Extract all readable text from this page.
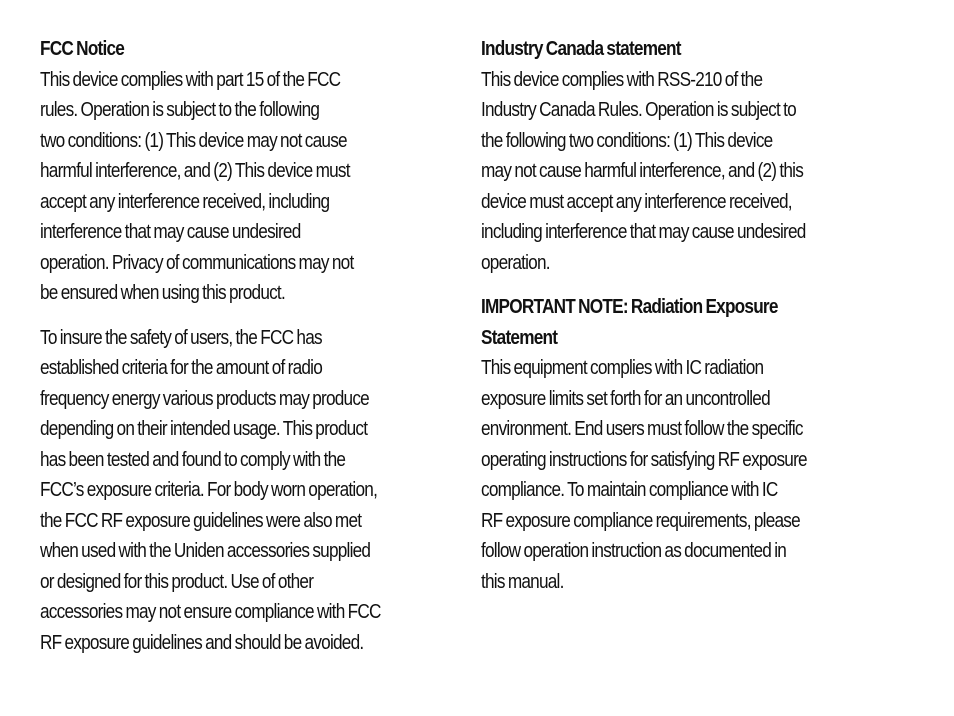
FCC Notice

This device complies with part 15 of the FCC
rules. Operation is subject to the following
two conditions: (1) This device may not cause
harmful interference, and (2) This device must
accept any interference received, including
interference that may cause undesired
operation. Privacy of communications may not
be ensured when using this product.

To insure the safety of users, the FCC has
established criteria for the amount of radio
frequency energy various products may produce
depending on their intended usage. This product
has been tested and found to comply with the
FCC’s exposure criteria. For body worn operation,
the FCC RF exposure guidelines were also met
when used with the Uniden accessories supplied
or designed for this product. Use of other
accessories may not ensure compliance with FCC
RF exposure guidelines and should be avoided.

Industry Canada statement

This device complies with RSS-210 of the
Industry Canada Rules. Operation is subject to
the following two conditions: (1) This device
may not cause harmful interference, and (2) this
device must accept any interference received,
including interference that may cause undesired
operation.

IMPORTANT NOTE: Radiation Exposure
Statement

This equipment complies with IC radiation
exposure limits set forth for an uncontrolled
environment. End users must follow the specific
operating instructions for satisfying RF exposure
compliance. To maintain compliance with IC
RF exposure compliance requirements, please
follow operation instruction as documented in
this manual.
